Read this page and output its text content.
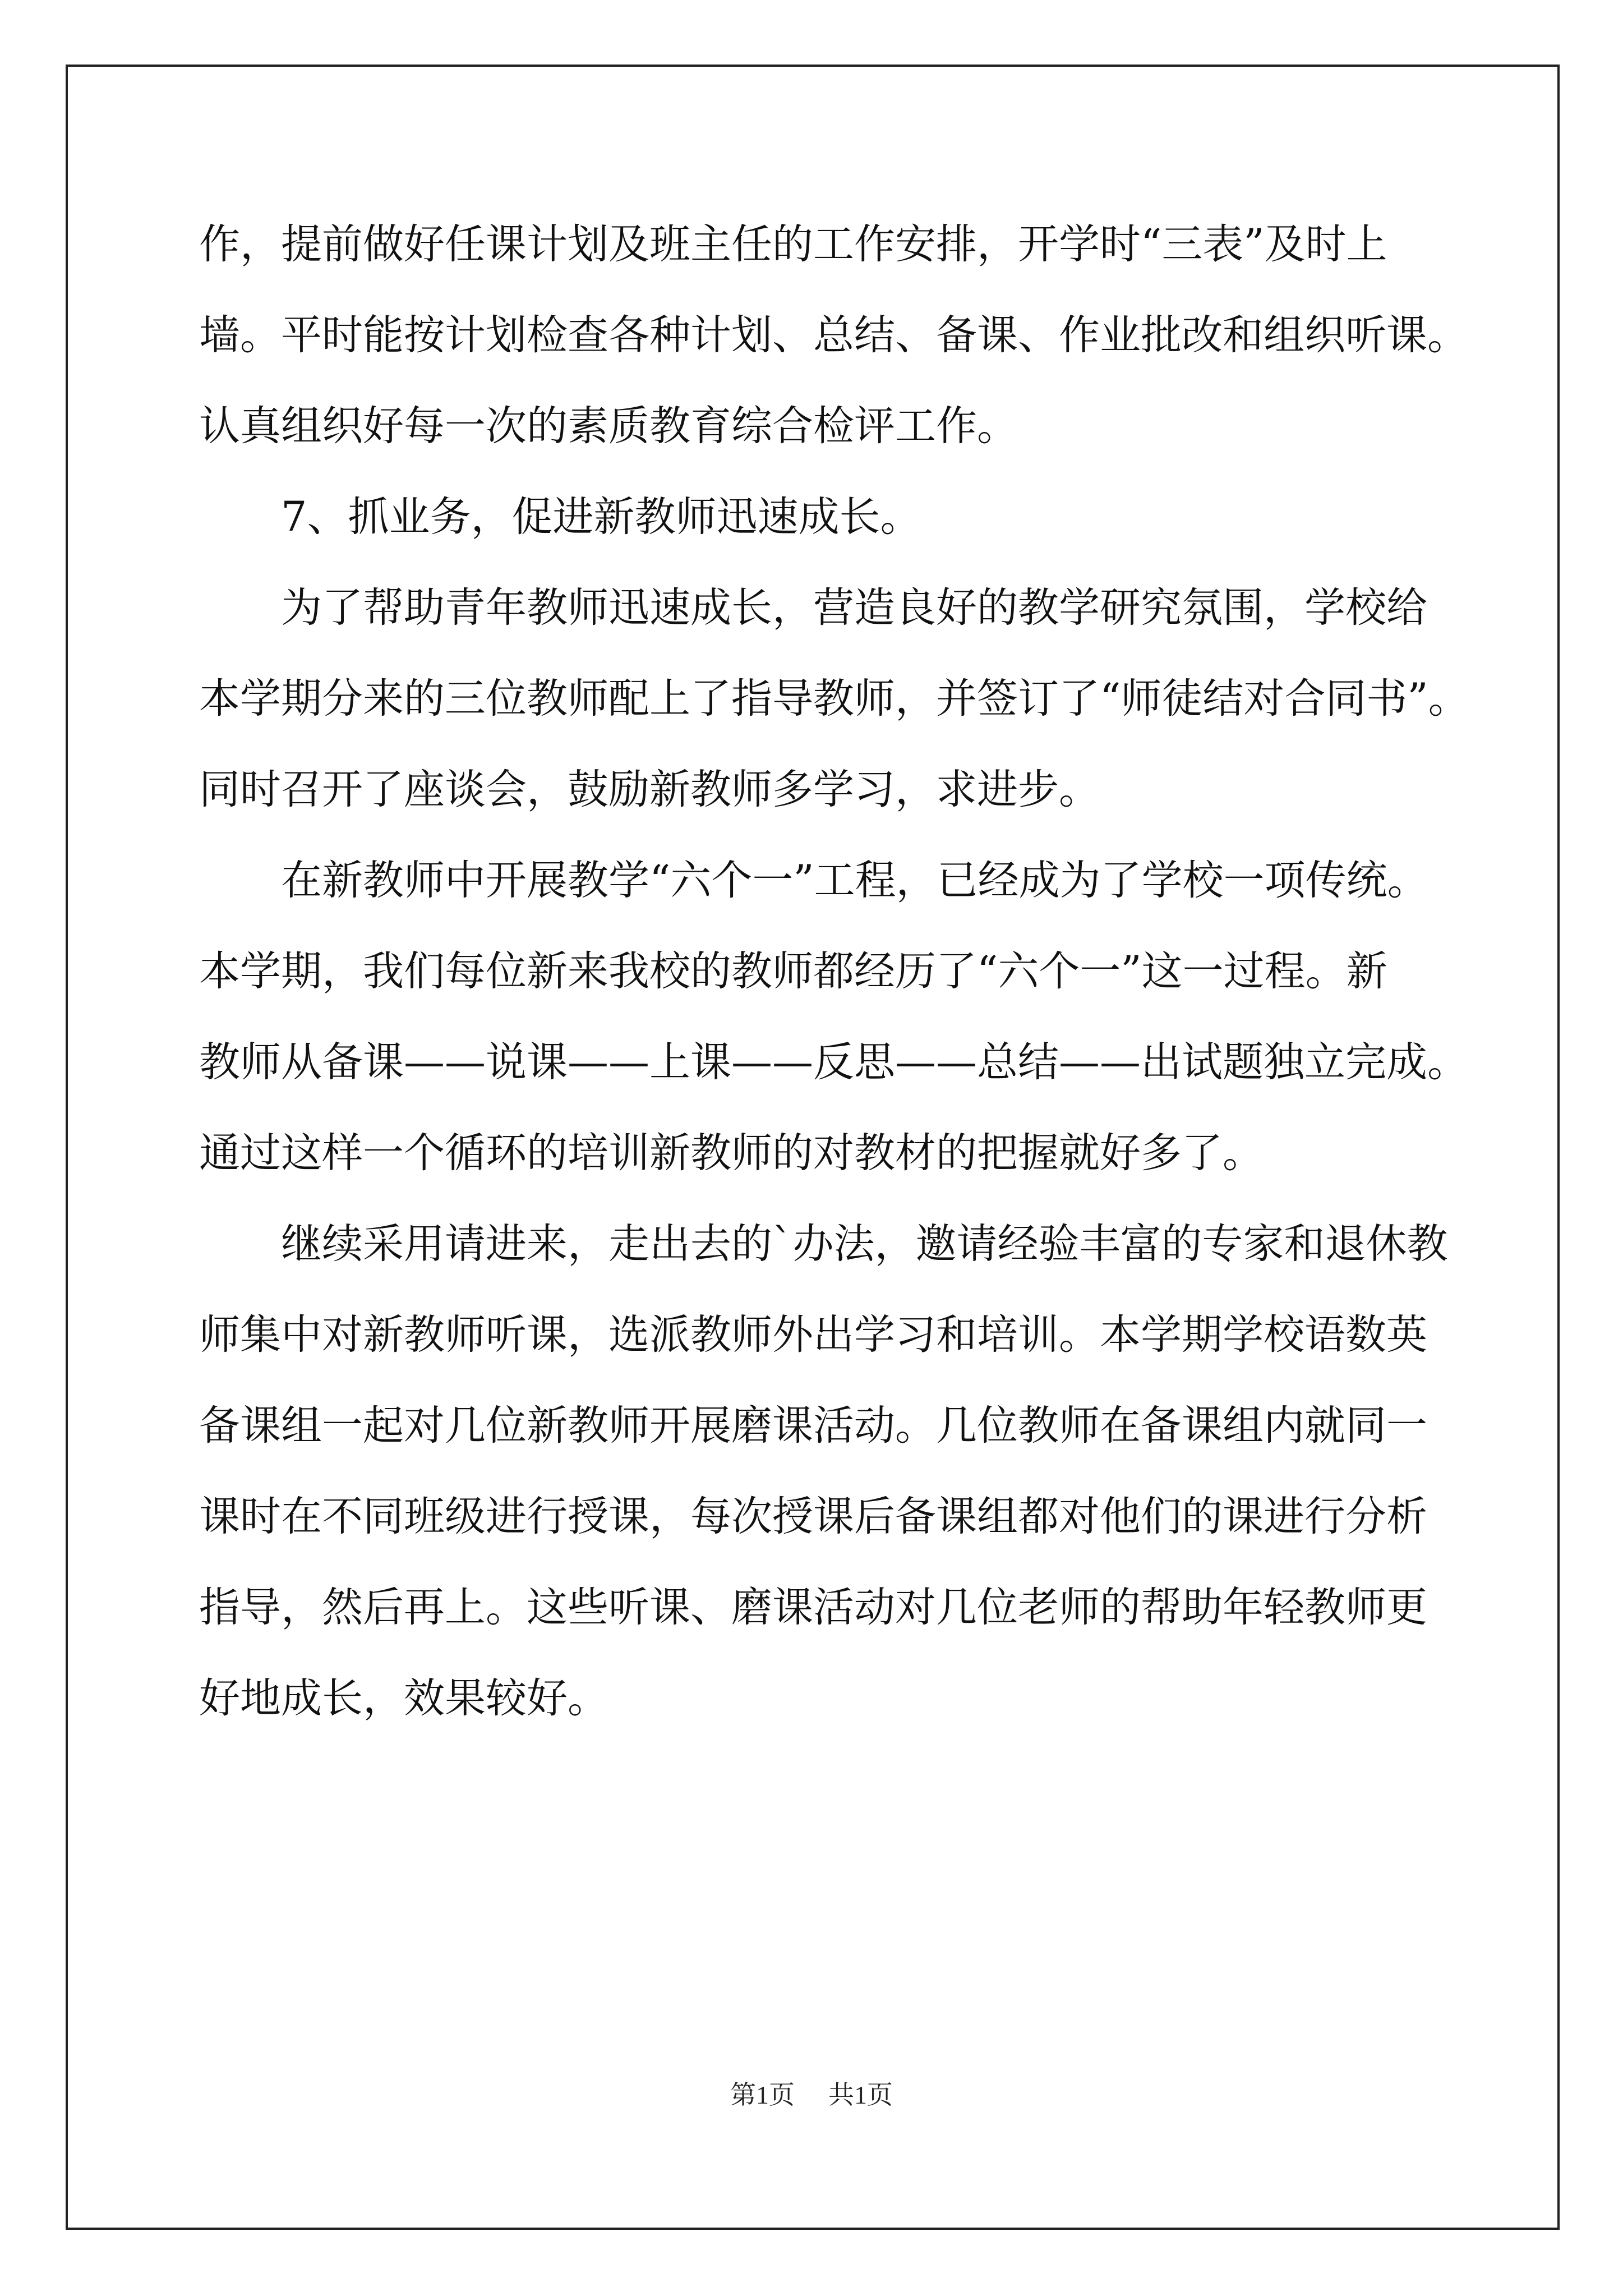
作，提前做好任课计划及班主任的工作安排，开学时“三表”及时上
墙。平时能按计划检查各种计划、总结、备课、作业批改和组织听课。
认真组织好每一次的素质教育综合检评工作。
7、抓业务，促进新教师迅速成长。
为了帮助青年教师迅速成长，营造良好的教学研究氛围，学校给
本学期分来的三位教师配上了指导教师，并签订了“师徒结对合同书”。
同时召开了座谈会，鼓励新教师多学习，求进步。
在新教师中开展教学“六个一”工程，已经成为了学校一项传统。
本学期，我们每位新来我校的教师都经历了“六个一”这一过程。新
教师从备课——说课——上课——反思——总结——出试题独立完成。
通过这样一个循环的培训新教师的对教材的把握就好多了。
继续采用请进来，走出去的`办法，邀请经验丰富的专家和退休教
师集中对新教师听课，选派教师外出学习和培训。本学期学校语数英
备课组一起对几位新教师开展磨课活动。几位教师在备课组内就同一
课时在不同班级进行授课，每次授课后备课组都对他们的课进行分析
指导，然后再上。这些听课、磨课活动对几位老师的帮助年轻教师更
好地成长，效果较好。
第1页 共1页
